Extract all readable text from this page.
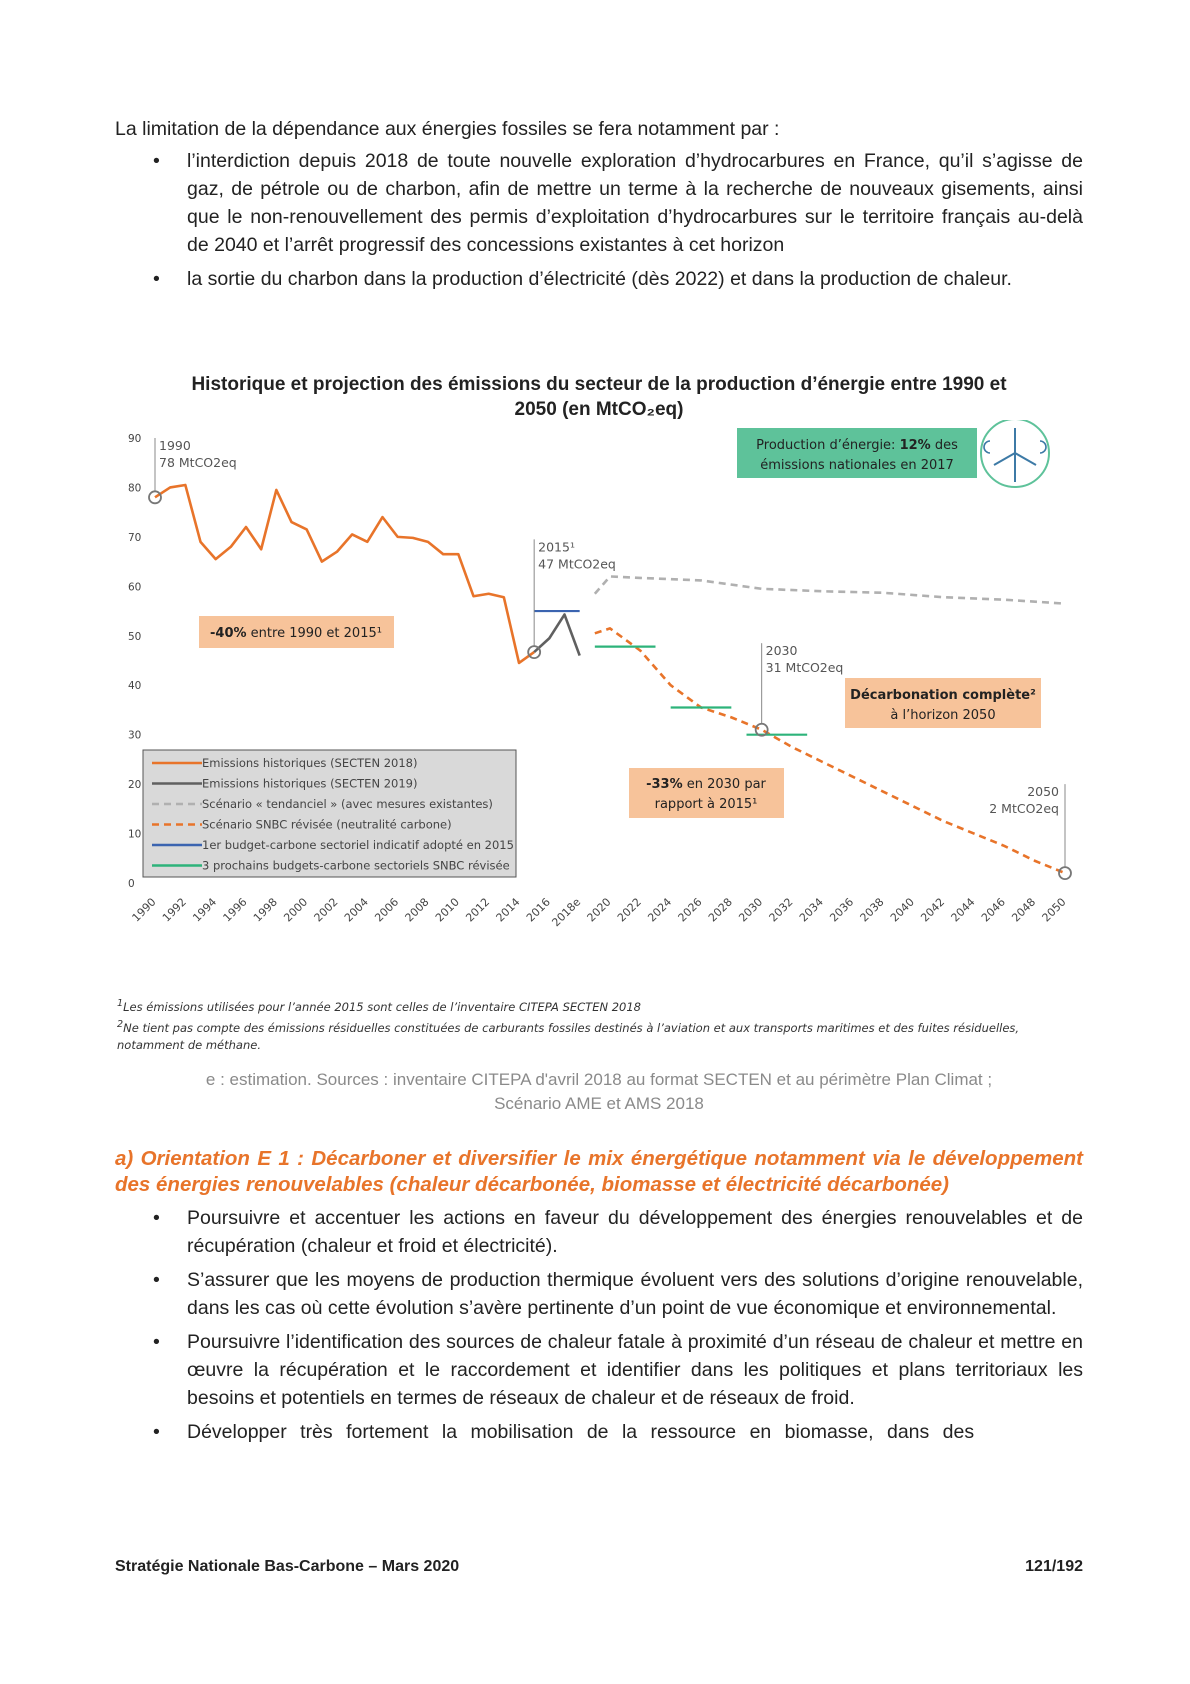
La limitation de la dépendance aux énergies fossiles se fera notamment par :
• l’interdiction depuis 2018 de toute nouvelle exploration d’hydrocarbures en France, qu’il s’agisse de gaz, de pétrole ou de charbon, afin de mettre un terme à la recherche de nouveaux gisements, ainsi que le non-renouvellement des permis d’exploitation d’hydrocarbures sur le territoire français au-delà de 2040 et l’arrêt progressif des concessions existantes à cet horizon
• la sortie du charbon dans la production d’électricité (dès 2022) et dans la production de chaleur.
Historique et projection des émissions du secteur de la production d’énergie entre 1990 et
2050 (en MtCO₂eq)
0
10
20
30
40
50
60
70
80
90
1990 1992 1994 1996 1998 2000 2002 2004 2006 2008 2010 2012 2014 2016
2018e 2020 2022 2024 2026 2028 2030 2032 2034 2036 2038 2040 2042 2044 2046 2048 2050
1990
78 MtCO2eq
2015¹
47 MtCO2eq
2030
31 MtCO2eq
2050
2 MtCO2eq
-40% entre 1990 et 2015¹
-33% en 2030 par
rapport à 2015¹
Décarbonation complète²
à l’horizon 2050
Production d’énergie: 12% des
émissions nationales en 2017
Emissions historiques (SECTEN 2018)
Emissions historiques (SECTEN 2019)
Scénario « tendanciel » (avec mesures existantes)
Scénario SNBC révisée (neutralité carbone)
1er budget-carbone sectoriel indicatif adopté en 2015
3 prochains budgets-carbone sectoriels SNBC révisée
$^1$Les émissions utilisées pour l’année 2015 sont celles de l’inventaire CITEPA SECTEN 2018
$^2$Ne tient pas compte des émissions résiduelles constituées de carburants fossiles destinés à l’aviation et aux transports maritimes et des fuites résiduelles,
notamment de méthane.
e : estimation. Sources : inventaire CITEPA d'avril 2018 au format SECTEN et au périmètre Plan Climat ;
Scénario AME et AMS 2018
a) Orientation E 1 : Décarboner et diversifier le mix énergétique notamment via le développement des énergies renouvelables (chaleur décarbonée, biomasse et électricité décarbonée)
• Poursuivre et accentuer les actions en faveur du développement des énergies renouvelables et de récupération (chaleur et froid et électricité).
• S’assurer que les moyens de production thermique évoluent vers des solutions d’origine renouvelable, dans les cas où cette évolution s’avère pertinente d’un point de vue économique et environnemental.
• Poursuivre l’identification des sources de chaleur fatale à proximité d’un réseau de chaleur et mettre en œuvre la récupération et le raccordement et identifier dans les politiques et plans territoriaux les besoins et potentiels en termes de réseaux de chaleur et de réseaux de froid.
• Développer très fortement la mobilisation de la ressource en biomasse, dans des
Stratégie Nationale Bas-Carbone – Mars 2020	121/192
